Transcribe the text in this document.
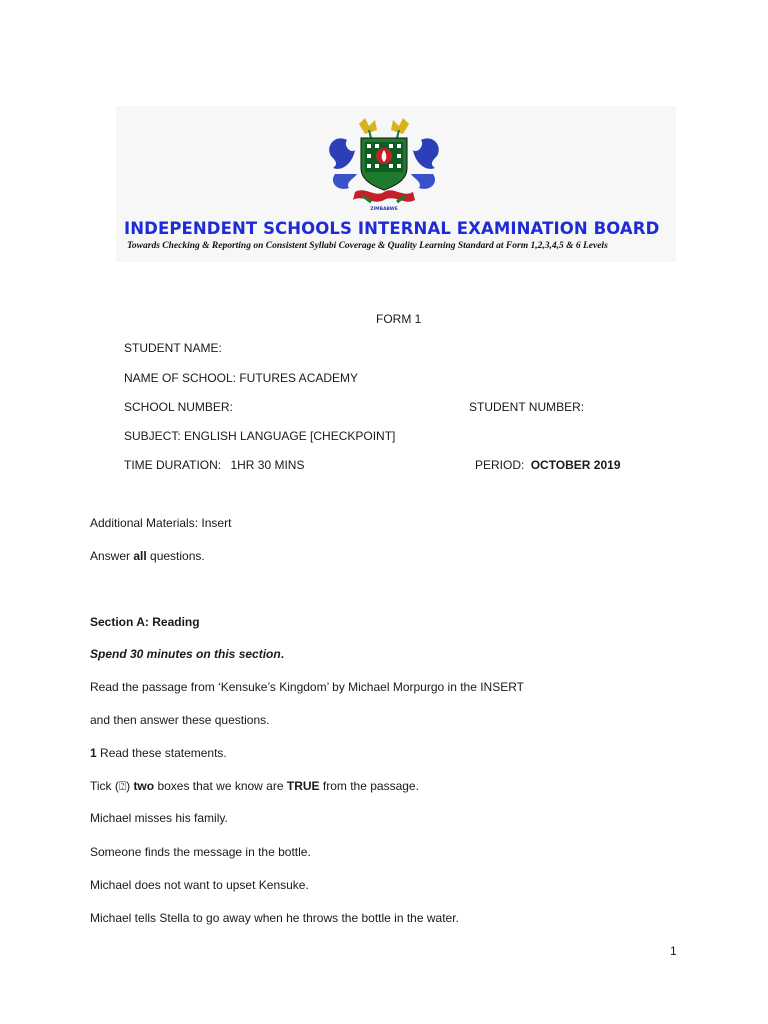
ZIMBABWE
INDEPENDENT SCHOOLS INTERNAL EXAMINATION BOARD
Towards Checking & Reporting on Consistent Syllabi Coverage & Quality Learning Standard at Form 1,2,3,4,5 & 6 Levels
FORM 1
STUDENT NAME:
NAME OF SCHOOL: FUTURES ACADEMY
SCHOOL NUMBER:	STUDENT NUMBER:
SUBJECT: ENGLISH LANGUAGE [CHECKPOINT]
TIME DURATION: 1HR 30 MINS	PERIOD: OCTOBER 2019
Additional Materials: Insert
Answer all questions.
Section A: Reading
Spend 30 minutes on this section.
Read the passage from ‘Kensuke’s Kingdom’ by Michael Morpurgo in the INSERT
and then answer these questions.
1 Read these statements.
Tick (⍰) two boxes that we know are TRUE from the passage.
Michael misses his family.
Someone finds the message in the bottle.
Michael does not want to upset Kensuke.
Michael tells Stella to go away when he throws the bottle in the water.
1
